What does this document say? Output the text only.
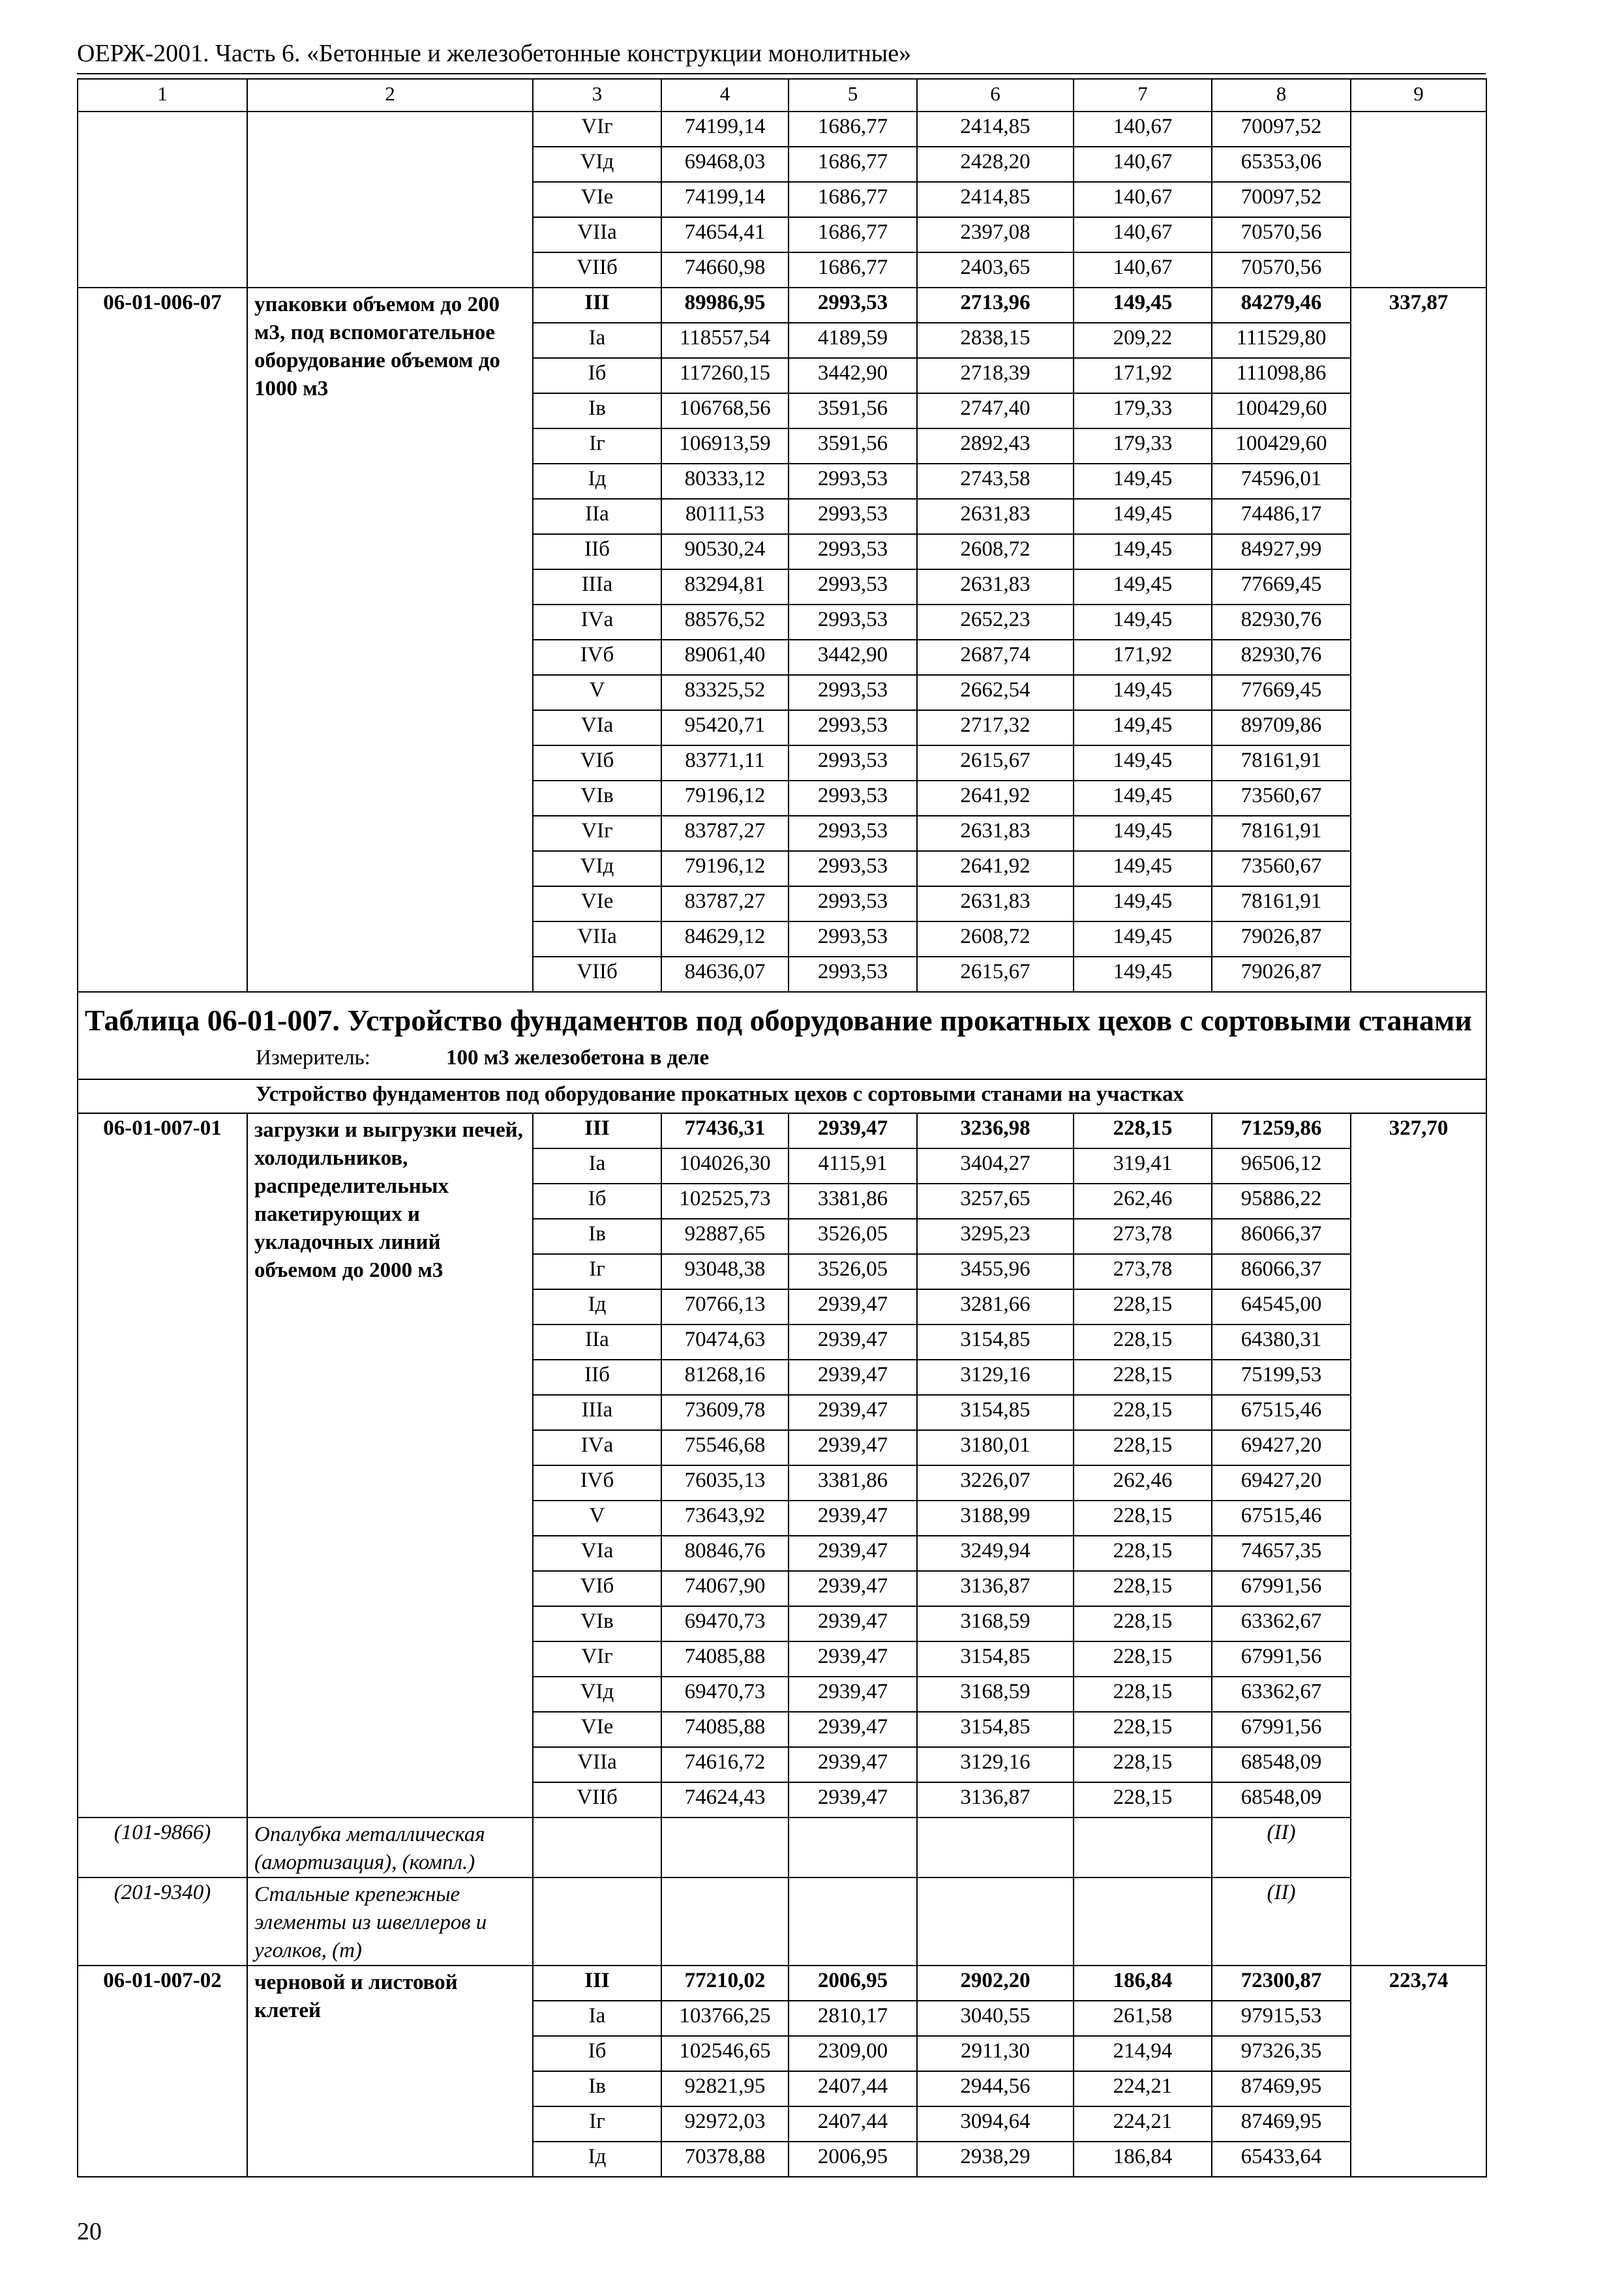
ОЕРЖ-2001. Часть 6. «Бетонные и железобетонные конструкции монолитные»
1	2	3	4	5	6	7	8	9
		VIг	74199,14	1686,77	2414,85	140,67	70097,52	
		VIд	69468,03	1686,77	2428,20	140,67	65353,06	
		VIе	74199,14	1686,77	2414,85	140,67	70097,52	
		VIIа	74654,41	1686,77	2397,08	140,67	70570,56	
		VIIб	74660,98	1686,77	2403,65	140,67	70570,56	
06-01-006-07	упаковки объемом до 200 м3, под вспомогательное оборудование объемом до 1000 м3	III	89986,95	2993,53	2713,96	149,45	84279,46	337,87
		Iа	118557,54	4189,59	2838,15	209,22	111529,80	
		Iб	117260,15	3442,90	2718,39	171,92	111098,86	
		Iв	106768,56	3591,56	2747,40	179,33	100429,60	
		Iг	106913,59	3591,56	2892,43	179,33	100429,60	
		Iд	80333,12	2993,53	2743,58	149,45	74596,01	
		IIа	80111,53	2993,53	2631,83	149,45	74486,17	
		IIб	90530,24	2993,53	2608,72	149,45	84927,99	
		IIIа	83294,81	2993,53	2631,83	149,45	77669,45	
		IVа	88576,52	2993,53	2652,23	149,45	82930,76	
		IVб	89061,40	3442,90	2687,74	171,92	82930,76	
		V	83325,52	2993,53	2662,54	149,45	77669,45	
		VIа	95420,71	2993,53	2717,32	149,45	89709,86	
		VIб	83771,11	2993,53	2615,67	149,45	78161,91	
		VIв	79196,12	2993,53	2641,92	149,45	73560,67	
		VIг	83787,27	2993,53	2631,83	149,45	78161,91	
		VIд	79196,12	2993,53	2641,92	149,45	73560,67	
		VIе	83787,27	2993,53	2631,83	149,45	78161,91	
		VIIа	84629,12	2993,53	2608,72	149,45	79026,87	
		VIIб	84636,07	2993,53	2615,67	149,45	79026,87	
Таблица 06-01-007. Устройство фундаментов под оборудование прокатных цехов с сортовыми станами								
Измеритель: 100 м3 железобетона в деле								
Устройство фундаментов под оборудование прокатных цехов с сортовыми станами на участках								
06-01-007-01	загрузки и выгрузки печей, холодильников, распределительных пакетирующих и укладочных линий объемом до 2000 м3	III	77436,31	2939,47	3236,98	228,15	71259,86	327,70
		Iа	104026,30	4115,91	3404,27	319,41	96506,12	
		Iб	102525,73	3381,86	3257,65	262,46	95886,22	
		Iв	92887,65	3526,05	3295,23	273,78	86066,37	
		Iг	93048,38	3526,05	3455,96	273,78	86066,37	
		Iд	70766,13	2939,47	3281,66	228,15	64545,00	
		IIа	70474,63	2939,47	3154,85	228,15	64380,31	
		IIб	81268,16	2939,47	3129,16	228,15	75199,53	
		IIIа	73609,78	2939,47	3154,85	228,15	67515,46	
		IVа	75546,68	2939,47	3180,01	228,15	69427,20	
		IVб	76035,13	3381,86	3226,07	262,46	69427,20	
		V	73643,92	2939,47	3188,99	228,15	67515,46	
		VIа	80846,76	2939,47	3249,94	228,15	74657,35	
		VIб	74067,90	2939,47	3136,87	228,15	67991,56	
		VIв	69470,73	2939,47	3168,59	228,15	63362,67	
		VIг	74085,88	2939,47	3154,85	228,15	67991,56	
		VIд	69470,73	2939,47	3168,59	228,15	63362,67	
		VIе	74085,88	2939,47	3154,85	228,15	67991,56	
		VIIа	74616,72	2939,47	3129,16	228,15	68548,09	
		VIIб	74624,43	2939,47	3136,87	228,15	68548,09	
(101-9866)	Опалубка металлическая (амортизация), (компл.)						(II)	
(201-9340)	Стальные крепежные элементы из швеллеров и уголков, (т)						(II)	
06-01-007-02	черновой и листовой клетей	III	77210,02	2006,95	2902,20	186,84	72300,87	223,74
		Iа	103766,25	2810,17	3040,55	261,58	97915,53	
		Iб	102546,65	2309,00	2911,30	214,94	97326,35	
		Iв	92821,95	2407,44	2944,56	224,21	87469,95	
		Iг	92972,03	2407,44	3094,64	224,21	87469,95	
		Iд	70378,88	2006,95	2938,29	186,84	65433,64	
20
